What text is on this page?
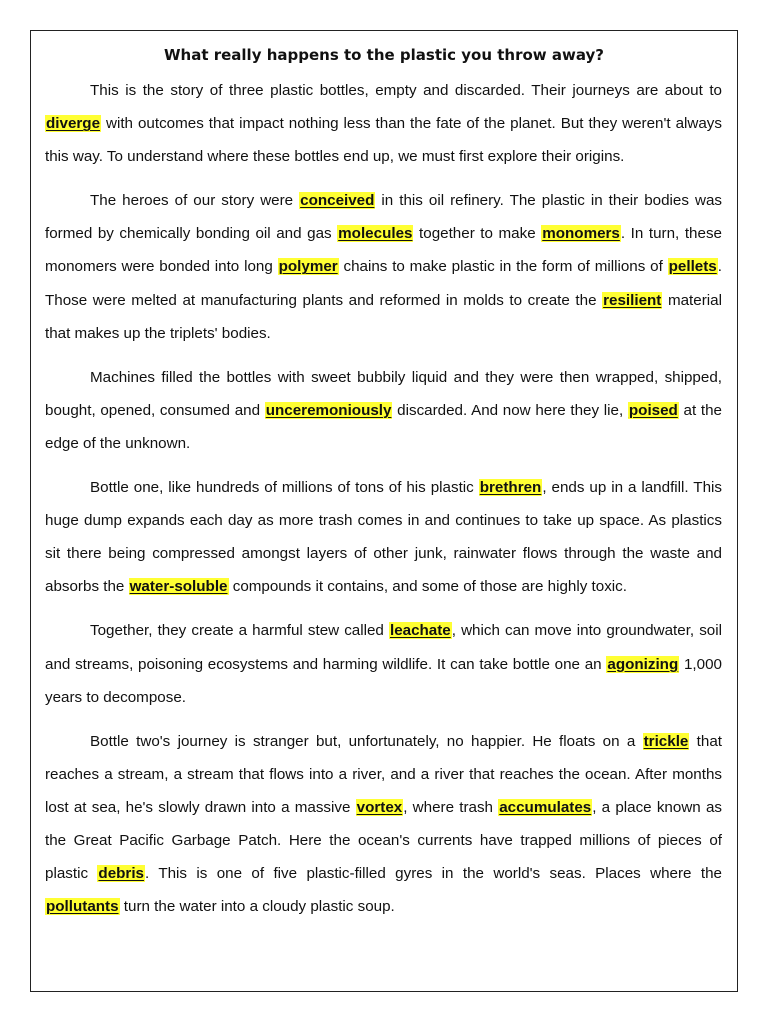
What really happens to the plastic you throw away?

This is the story of three plastic bottles, empty and discarded. Their journeys are about to diverge with outcomes that impact nothing less than the fate of the planet. But they weren't always this way. To understand where these bottles end up, we must first explore their origins.

The heroes of our story were conceived in this oil refinery. The plastic in their bodies was formed by chemically bonding oil and gas molecules together to make monomers. In turn, these monomers were bonded into long polymer chains to make plastic in the form of millions of pellets. Those were melted at manufacturing plants and reformed in molds to create the resilient material that makes up the triplets' bodies.

Machines filled the bottles with sweet bubbily liquid and they were then wrapped, shipped, bought, opened, consumed and unceremoniously discarded. And now here they lie, poised at the edge of the unknown.

Bottle one, like hundreds of millions of tons of his plastic brethren, ends up in a landfill. This huge dump expands each day as more trash comes in and continues to take up space. As plastics sit there being compressed amongst layers of other junk, rainwater flows through the waste and absorbs the water-soluble compounds it contains, and some of those are highly toxic.

Together, they create a harmful stew called leachate, which can move into groundwater, soil and streams, poisoning ecosystems and harming wildlife. It can take bottle one an agonizing 1,000 years to decompose.

Bottle two's journey is stranger but, unfortunately, no happier. He floats on a trickle that reaches a stream, a stream that flows into a river, and a river that reaches the ocean. After months lost at sea, he's slowly drawn into a massive vortex, where trash accumulates, a place known as the Great Pacific Garbage Patch. Here the ocean's currents have trapped millions of pieces of plastic debris. This is one of five plastic-filled gyres in the world's seas. Places where the pollutants turn the water into a cloudy plastic soup.
